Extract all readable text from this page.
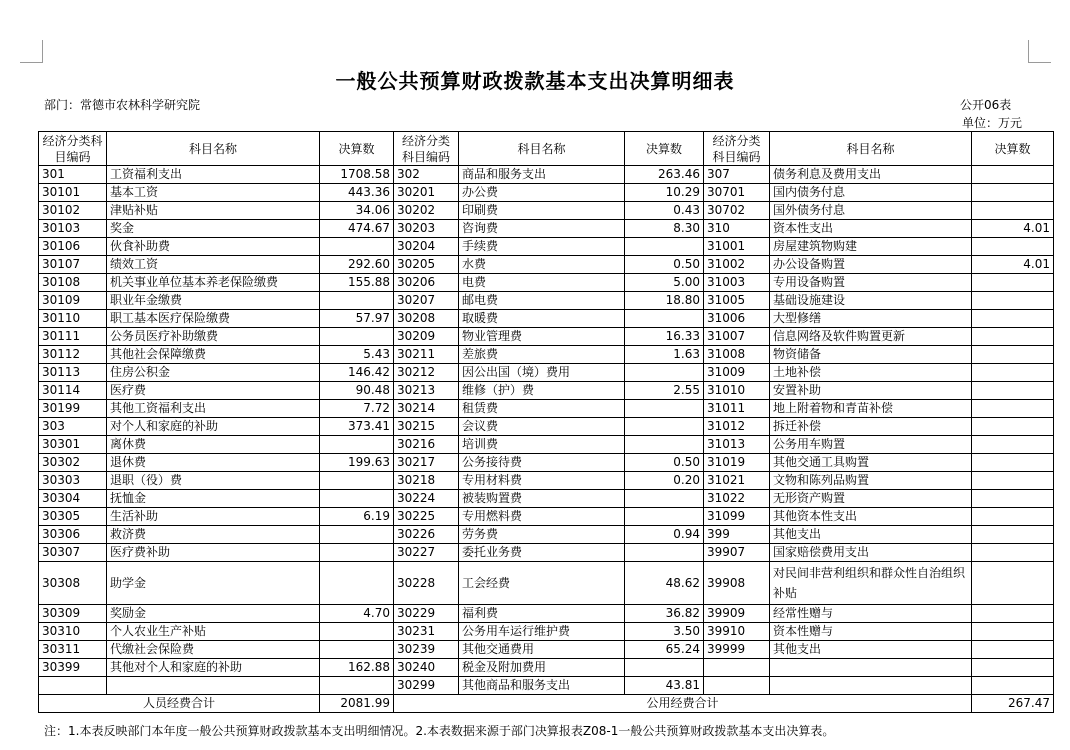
一般公共预算财政拨款基本支出决算明细表
部门：常德市农林科学研究院	公开06表
单位：万元
经济分类科目编码	科目名称	决算数	经济分类科目编码	科目名称	决算数	经济分类科目编码	科目名称	决算数
301	工资福利支出	1708.58	302	商品和服务支出	263.46	307	债务利息及费用支出	
30101	基本工资	443.36	30201	办公费	10.29	30701	国内债务付息	
30102	津贴补贴	34.06	30202	印刷费	0.43	30702	国外债务付息	
30103	奖金	474.67	30203	咨询费	8.30	310	资本性支出	4.01
30106	伙食补助费		30204	手续费		31001	房屋建筑物购建	
30107	绩效工资	292.60	30205	水费	0.50	31002	办公设备购置	4.01
30108	机关事业单位基本养老保险缴费	155.88	30206	电费	5.00	31003	专用设备购置	
30109	职业年金缴费		30207	邮电费	18.80	31005	基础设施建设	
30110	职工基本医疗保险缴费	57.97	30208	取暖费		31006	大型修缮	
30111	公务员医疗补助缴费		30209	物业管理费	16.33	31007	信息网络及软件购置更新	
30112	其他社会保障缴费	5.43	30211	差旅费	1.63	31008	物资储备	
30113	住房公积金	146.42	30212	因公出国（境）费用		31009	土地补偿	
30114	医疗费	90.48	30213	维修（护）费	2.55	31010	安置补助	
30199	其他工资福利支出	7.72	30214	租赁费		31011	地上附着物和青苗补偿	
303	对个人和家庭的补助	373.41	30215	会议费		31012	拆迁补偿	
30301	离休费		30216	培训费		31013	公务用车购置	
30302	退休费	199.63	30217	公务接待费	0.50	31019	其他交通工具购置	
30303	退职（役）费		30218	专用材料费	0.20	31021	文物和陈列品购置	
30304	抚恤金		30224	被装购置费		31022	无形资产购置	
30305	生活补助	6.19	30225	专用燃料费		31099	其他资本性支出	
30306	救济费		30226	劳务费	0.94	399	其他支出	
30307	医疗费补助		30227	委托业务费		39907	国家赔偿费用支出	
30308	助学金		30228	工会经费	48.62	39908	对民间非营利组织和群众性自治组织补贴	
30309	奖励金	4.70	30229	福利费	36.82	39909	经常性赠与	
30310	个人农业生产补贴		30231	公务用车运行维护费	3.50	39910	资本性赠与	
30311	代缴社会保险费		30239	其他交通费用	65.24	39999	其他支出	
30399	其他对个人和家庭的补助	162.88	30240	税金及附加费用				
			30299	其他商品和服务支出	43.81			
人员经费合计		2081.99	公用经费合计					267.47
注：1.本表反映部门本年度一般公共预算财政拨款基本支出明细情况。2.本表数据来源于部门决算报表Z08-1一般公共预算财政拨款基本支出决算表。
